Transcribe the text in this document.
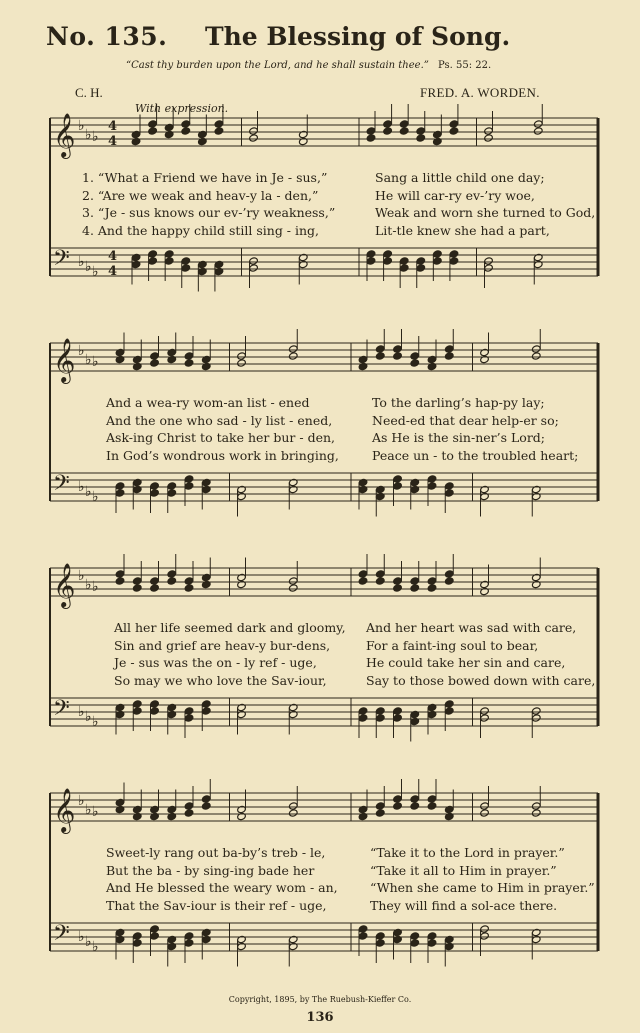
No. 135. The Blessing of Song.
“Cast thy burden upon the Lord, and he shall sustain thee.” Ps. 55: 22.
C. H.	FRED. A. WORDEN.
With expression.
𝄞 ♭
♭ ♭
4
4
𝄢 ♭ ♭ ♭
4
4
𝄞 ♭
♭ ♭
𝄢 ♭ ♭ ♭
𝄞 ♭
♭ ♭
𝄢 ♭ ♭ ♭
𝄞 ♭
♭ ♭
𝄢 ♭ ♭ ♭
1. “What a Friend we have in Je - sus,”
2. “Are we weak and heav-y la - den,”
3. “Je - sus knows our ev-’ry weakness,”
4. And the happy child still sing - ing,
Sang a little child one day;
He will car-ry ev-’ry woe,
Weak and worn she turned to God,
Lit-tle knew she had a part,
And a wea-ry wom-an list - ened
And the one who sad - ly list - ened,
Ask-ing Christ to take her bur - den,
In God’s wondrous work in bringing,
To the darling’s hap-py lay;
Need-ed that dear help-er so;
As He is the sin-ner’s Lord;
Peace un - to the troubled heart;
All her life seemed dark and gloomy,
Sin and grief are heav-y bur-dens,
Je - sus was the on - ly ref - uge,
So may we who love the Sav-iour,
And her heart was sad with care,
For a faint-ing soul to bear,
He could take her sin and care,
Say to those bowed down with care,
Sweet-ly rang out ba-by’s treb - le,
But the ba - by sing-ing bade her
And He blessed the weary wom - an,
That the Sav-iour is their ref - uge,
“Take it to the Lord in prayer.”
“Take it all to Him in prayer.”
“When she came to Him in prayer.”
They will find a sol-ace there.
Copyright, 1895, by The Ruebush-Kieffer Co.
136
